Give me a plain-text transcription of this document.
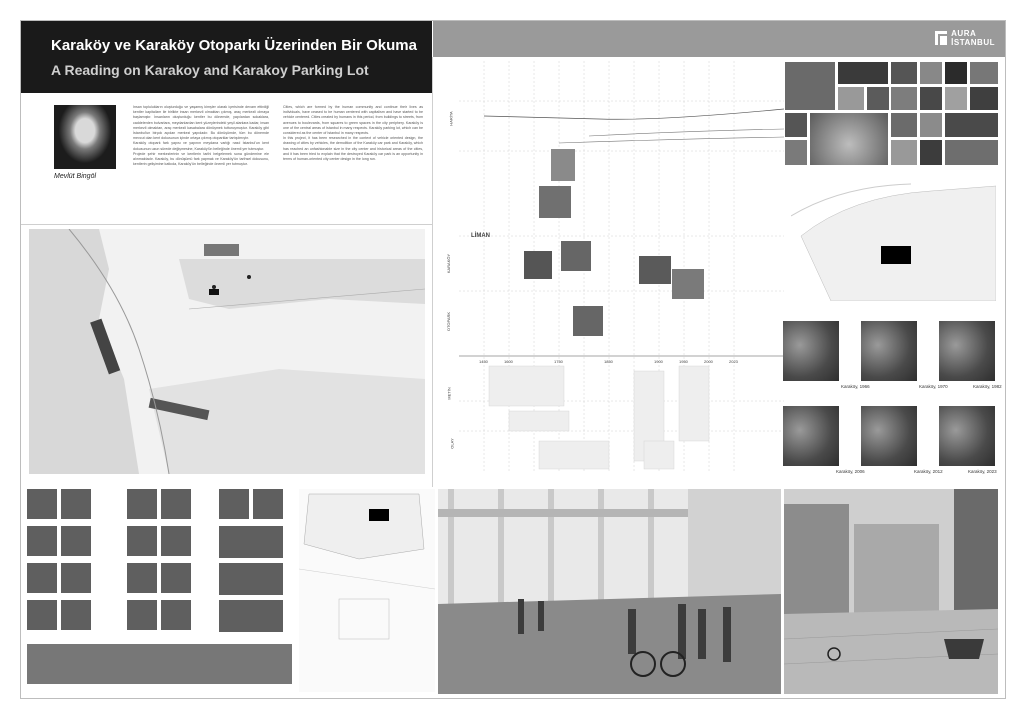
Karaköy ve Karaköy Otoparkı Üzerinden Bir Okuma
A Reading on Karakoy and Karakoy Parking Lot
AURA
İSTANBUL
Mevlüt Bingöl
İnsan toplulukların oluşturduğu ve yaşamış kimşler olarak içerisinde devam ettirdiği kentler kapitalizm ile birlikte insan merkezli olmaktan çıkmış, araç merkezli olmaya başlamıştır. İnsanların oluşturduğu kentler bu dönemde, yapılardan sokaklara, caddelerden bulvarlara, meydanlardan kent yüzeylerindeki yeşil alanlara kadar, insan merkezli olmaktan, araç merkezli kasabalara dönüşmek tutturuşmuştur. Karaköy gibi İstanbul'un birçok açıdan merkezi yapıdadır. Bu dönüşümde, tüm bu dönemde mevcut olan kent dokusunun içinde ortaya çıkmış otoparklar tartışılmıştır.
Karaköy otopark fark yapısı ve yapının meydana varlığı nasıl İstanbul'un kent dokusunun uzun sürede değişmesine, Karaköy'ün belleğinde önemli yer tutmuştur.
Projede şehir merkezlerinin ve kentlerin tarihi belgelemek sona gündemine ele alınmaktadır. Karaköy, bu dönüşümü fark yapmak ve Karaköy'ün tarihsel dokusunu, kentlerin gelişimine katkıda, Karaköy'ün belleğinde önemli yer tutmuştur.
Cities, which are formed by the human community and continue their lives as individuals, have ceased to be human centered with capitalism and have started to be vehicle centered. Cities created by humans in this period, from buildings to streets, from avenues to boulevards, from squares to green spaces in the city periphery. Karaköy is one of the central areas of Istanbul in many respects. Karaköy parking lot, which can be considered as the center of Istanbul in many respects.
In this project, it has been researched in the context of vehicle oriented design, the drawing of cities by vehicles, the demolition of the Karaköy car park and Karaköy, which has reached an unfashionable size in the city center and historical areas of the cities, and it has been tried to explain that the destroyed Karaköy car park is an opportunity in terms of human-oriented city center design in the long run.
HARİTA
LİMAN
KARAKÖY
OTOPARK
METİN
OLAY
1450	1600	1750	1850	1900	1950	2000	2023
Karaköy, 1966	Karaköy, 1970	Karaköy, 1982
Karaköy, 2006	Karaköy, 2012	Karaköy, 2023
